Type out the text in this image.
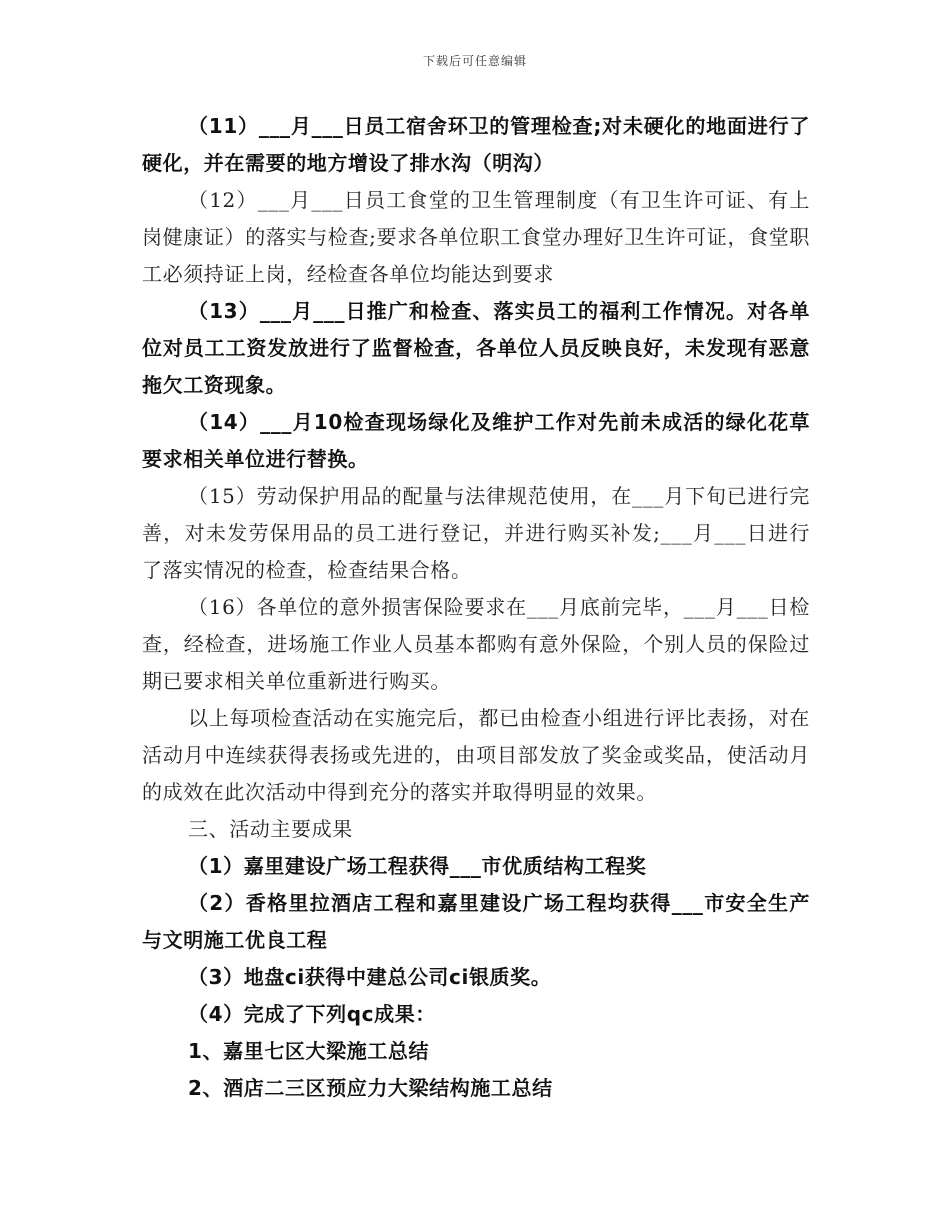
下载后可任意编辑

（11）___月___日员工宿舍环卫的管理检查;对未硬化的地面进行了硬化，并在需要的地方增设了排水沟（明沟）

（12）___月___日员工食堂的卫生管理制度（有卫生许可证、有上岗健康证）的落实与检查;要求各单位职工食堂办理好卫生许可证，食堂职工必须持证上岗，经检查各单位均能达到要求

（13）___月___日推广和检查、落实员工的福利工作情况。对各单位对员工工资发放进行了监督检查，各单位人员反映良好，未发现有恶意拖欠工资现象。

（14）___月10检查现场绿化及维护工作对先前未成活的绿化花草要求相关单位进行替换。

（15）劳动保护用品的配量与法律规范使用，在___月下旬已进行完善，对未发劳保用品的员工进行登记，并进行购买补发;___月___日进行了落实情况的检查，检查结果合格。

（16）各单位的意外损害保险要求在___月底前完毕，___月___日检查，经检查，进场施工作业人员基本都购有意外保险，个别人员的保险过期已要求相关单位重新进行购买。

以上每项检查活动在实施完后，都已由检查小组进行评比表扬，对在活动月中连续获得表扬或先进的，由项目部发放了奖金或奖品，使活动月的成效在此次活动中得到充分的落实并取得明显的效果。

三、活动主要成果

（1）嘉里建设广场工程获得___市优质结构工程奖

（2）香格里拉酒店工程和嘉里建设广场工程均获得___市安全生产与文明施工优良工程

（3）地盘ci获得中建总公司ci银质奖。

（4）完成了下列qc成果：

1、嘉里七区大梁施工总结

2、酒店二三区预应力大梁结构施工总结
